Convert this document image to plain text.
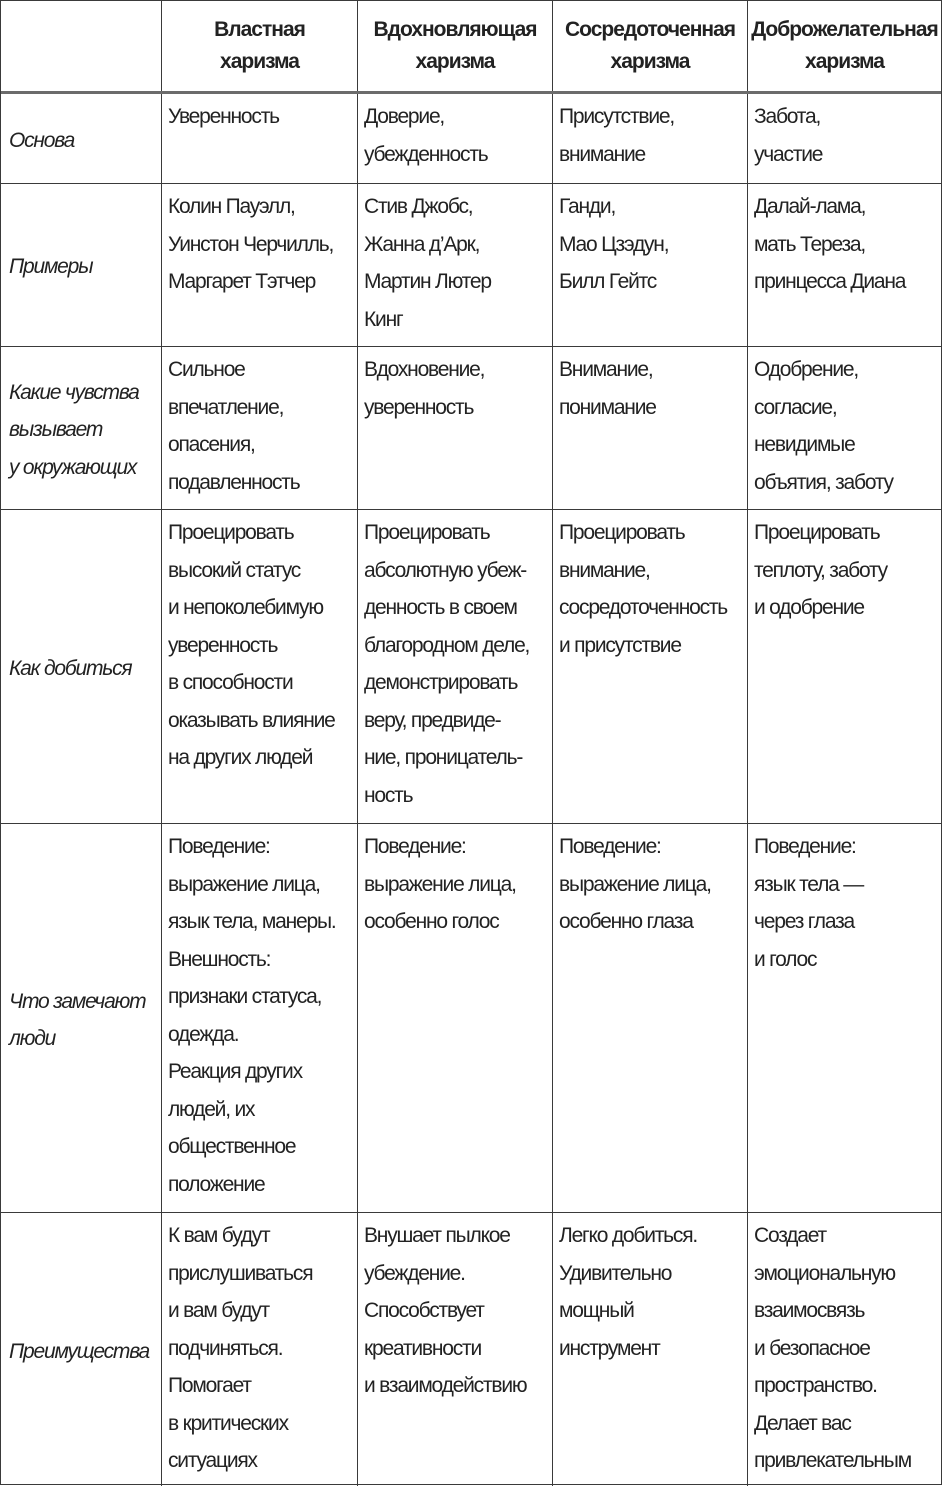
Властная
харизма
Вдохновляющая
харизма
Сосредоточенная
харизма
Доброжелательная
харизма
Основа
Уверенность	Доверие,
убежденность
Присутствие,
внимание
Забота,
участие
Примеры
Колин Пауэлл,
Уинстон Черчилль,
Маргарет Тэтчер
Стив Джобс,
Жанна д’Арк,
Мартин Лютер
Кинг
Ганди,
Мао Цзэдун,
Билл Гейтс
Далай-лама,
мать Тереза,
принцесса Диана
Какие чувства
вызывает
у окружающих
Сильное
впечатление,
опасения,
подавленность
Вдохновение,
уверенность
Внимание,
понимание
Одобрение,
согласие,
невидимые
объятия, заботу
Как добиться
Проецировать
высокий статус
и непоколебимую
уверенность
в способности
оказывать влияние
на других людей
Проецировать
абсолютную убеж-
денность в своем
благородном деле,
демонстрировать
веру, предвиде-
ние, проницатель-
ность
Проецировать
внимание,
сосредоточенность
и присутствие
Проецировать
теплоту, заботу
и одобрение
Что замечают
люди
Поведение:
выражение лица,
язык тела, манеры.
Внешность:
признаки статуса,
одежда.
Реакция других
людей, их
общественное
положение
Поведение:
выражение лица,
особенно голос
Поведение:
выражение лица,
особенно глаза
Поведение:
язык тела —
через глаза
и голос
Преимущества
К вам будут
прислушиваться
и вам будут
подчиняться.
Помогает
в критических
ситуациях
Внушает пылкое
убеждение.
Способствует
креативности
и взаимодействию
Легко добиться.
Удивительно
мощный
инструмент
Создает
эмоциональную
взаимосвязь
и безопасное
пространство.
Делает вас
привлекательным
